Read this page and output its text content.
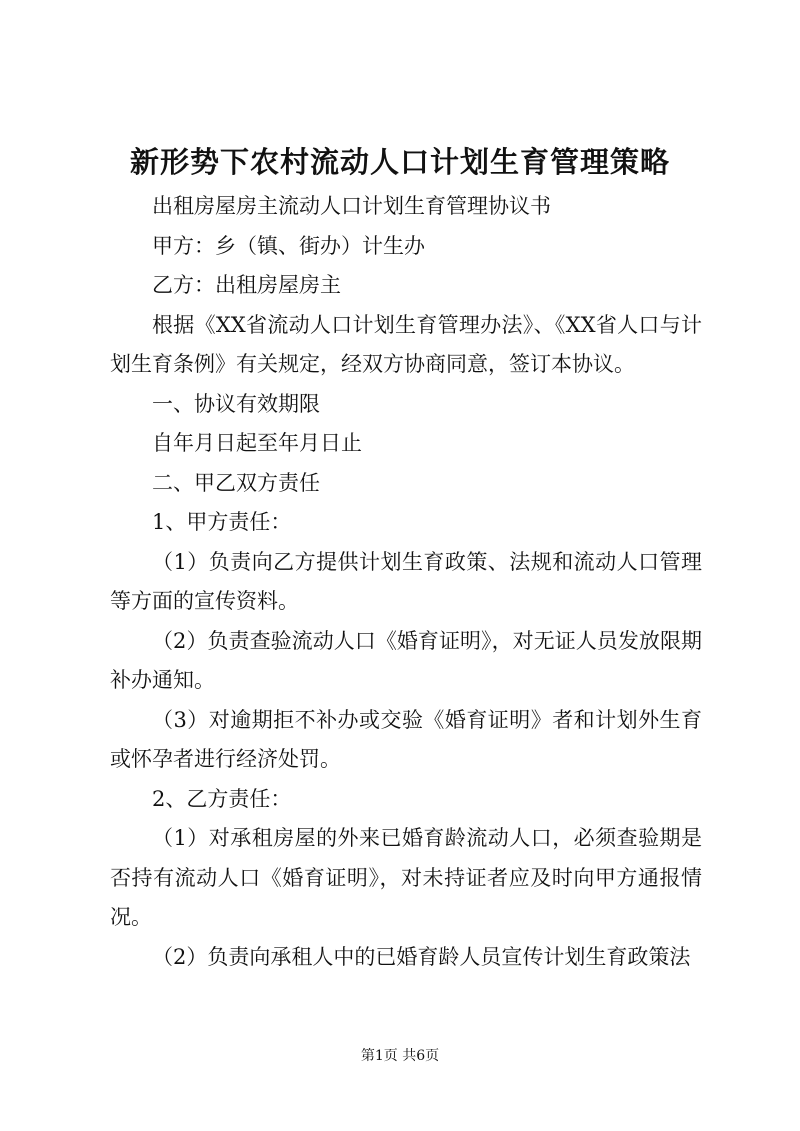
新形势下农村流动人口计划生育管理策略

出租房屋房主流动人口计划生育管理协议书

甲方：乡（镇、街办）计生办

乙方：出租房屋房主

根据《XX省流动人口计划生育管理办法》、《XX省人口与计划生育条例》有关规定，经双方协商同意，签订本协议。

一、协议有效期限

自年月日起至年月日止

二、甲乙双方责任

1、甲方责任：

（1）负责向乙方提供计划生育政策、法规和流动人口管理等方面的宣传资料。

（2）负责查验流动人口《婚育证明》，对无证人员发放限期补办通知。

（3）对逾期拒不补办或交验《婚育证明》者和计划外生育或怀孕者进行经济处罚。

2、乙方责任：

（1）对承租房屋的外来已婚育龄流动人口，必须查验期是否持有流动人口《婚育证明》，对未持证者应及时向甲方通报情况。

（2）负责向承租人中的已婚育龄人员宣传计划生育政策法

第1页 共6页
